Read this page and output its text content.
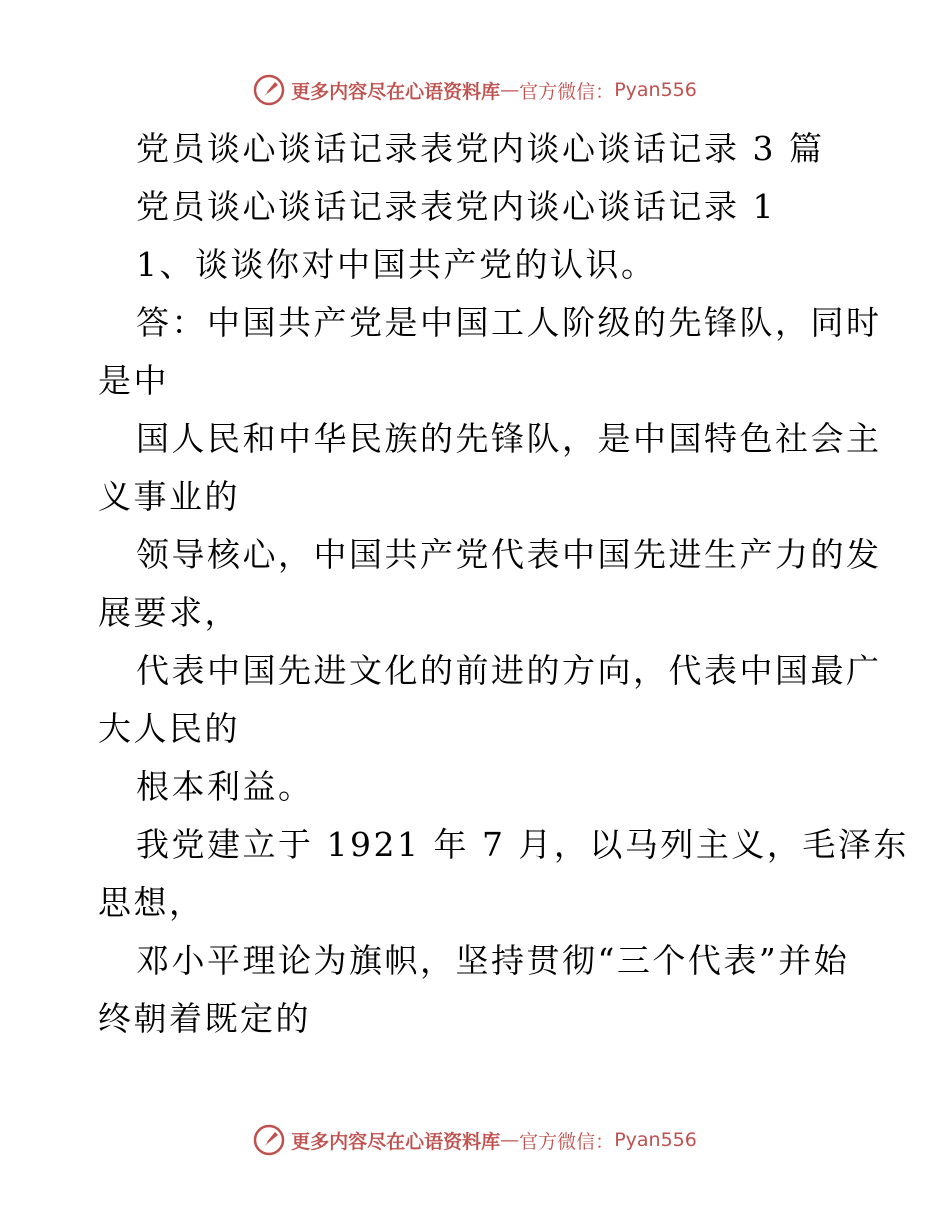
更多内容尽在心语资料库 — 官方微信： Pyan556
党员谈心谈话记录表党内谈心谈话记录 3 篇
党员谈心谈话记录表党内谈心谈话记录 1
1、谈谈你对中国共产党的认识。
答：中国共产党是中国工人阶级的先锋队，同时
是中
国人民和中华民族的先锋队，是中国特色社会主
义事业的
领导核心，中国共产党代表中国先进生产力的发
展要求，
代表中国先进文化的前进的方向，代表中国最广
大人民的
根本利益。
我党建立于 1921 年 7 月，以马列主义，毛泽东
思想，
邓小平理论为旗帜，坚持贯彻“三个代表”并始
终朝着既定的
更多内容尽在心语资料库 — 官方微信： Pyan556
